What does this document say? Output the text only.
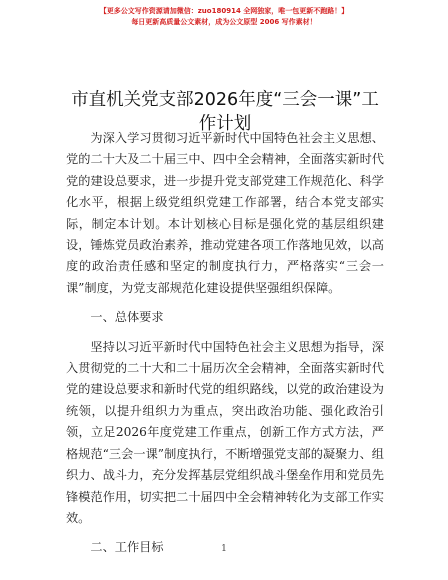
【更多公文写作资源请加微信：zuo180914 全网独家，唯一包更新不跑路！】
每日更新高质量公文素材，成为公文原型 2006 写作素材！
市直机关党支部2026年度“三会一课”工作计划

为深入学习贯彻习近平新时代中国特色社会主义思想、党的二十大及二十届三中、四中全会精神，全面落实新时代党的建设总要求，进一步提升党支部党建工作规范化、科学化水平，根据上级党组织党建工作部署，结合本党支部实际，制定本计划。本计划核心目标是强化党的基层组织建设，锤炼党员政治素养，推动党建各项工作落地见效，以高度的政治责任感和坚定的制度执行力，严格落实“三会一课”制度，为党支部规范化建设提供坚强组织保障。

一、总体要求

坚持以习近平新时代中国特色社会主义思想为指导，深入贯彻党的二十大和二十届历次全会精神，全面落实新时代党的建设总要求和新时代党的组织路线，以党的政治建设为统领，以提升组织力为重点，突出政治功能、强化政治引领，立足2026年度党建工作重点，创新工作方式方法，严格规范“三会一课”制度执行，不断增强党支部的凝聚力、组织力、战斗力，充分发挥基层党组织战斗堡垒作用和党员先锋模范作用，切实把二十届四中全会精神转化为支部工作实效。

二、工作目标	1
